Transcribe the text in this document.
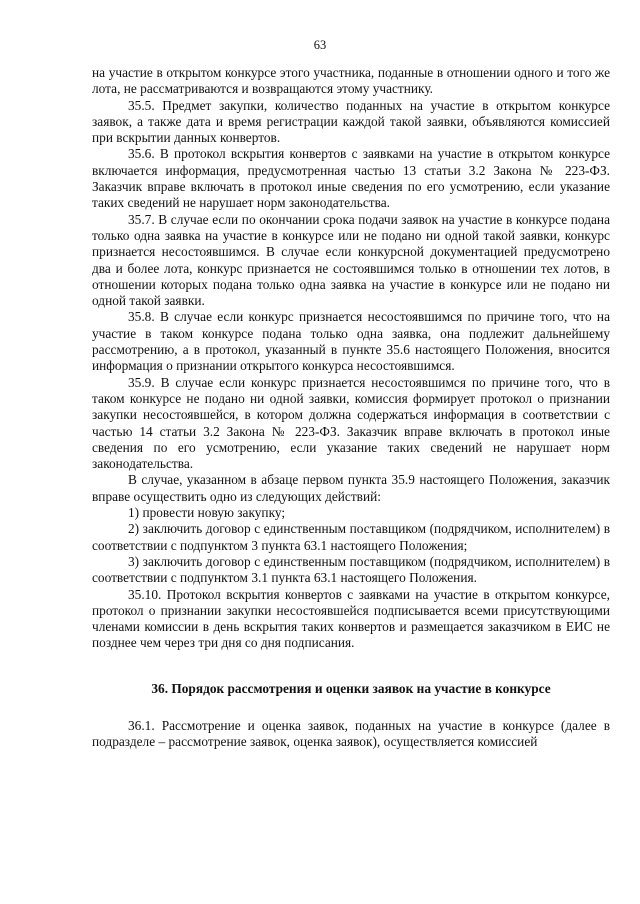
63

на участие в открытом конкурсе этого участника, поданные в отношении одного и того же лота, не рассматриваются и возвращаются этому участнику.

35.5. Предмет закупки, количество поданных на участие в открытом конкурсе заявок, а также дата и время регистрации каждой такой заявки, объявляются комиссией при вскрытии данных конвертов.

35.6. В протокол вскрытия конвертов с заявками на участие в открытом конкурсе включается информация, предусмотренная частью 13 статьи 3.2 Закона № 223-ФЗ. Заказчик вправе включать в протокол иные сведения по его усмотрению, если указание таких сведений не нарушает норм законодательства.

35.7. В случае если по окончании срока подачи заявок на участие в конкурсе подана только одна заявка на участие в конкурсе или не подано ни одной такой заявки, конкурс признается несостоявшимся. В случае если конкурсной документацией предусмотрено два и более лота, конкурс признается не состоявшимся только в отношении тех лотов, в отношении которых подана только одна заявка на участие в конкурсе или не подано ни одной такой заявки.

35.8. В случае если конкурс признается несостоявшимся по причине того, что на участие в таком конкурсе подана только одна заявка, она подлежит дальнейшему рассмотрению, а в протокол, указанный в пункте 35.6 настоящего Положения, вносится информация о признании открытого конкурса несостоявшимся.

35.9. В случае если конкурс признается несостоявшимся по причине того, что в таком конкурсе не подано ни одной заявки, комиссия формирует протокол о признании закупки несостоявшейся, в котором должна содержаться информация в соответствии с частью 14 статьи 3.2 Закона № 223-ФЗ. Заказчик вправе включать в протокол иные сведения по его усмотрению, если указание таких сведений не нарушает норм законодательства.

В случае, указанном в абзаце первом пункта 35.9 настоящего Положения, заказчик вправе осуществить одно из следующих действий:

1) провести новую закупку;

2) заключить договор с единственным поставщиком (подрядчиком, исполнителем) в соответствии с подпунктом 3 пункта 63.1 настоящего Положения;

3) заключить договор с единственным поставщиком (подрядчиком, исполнителем) в соответствии с подпунктом 3.1 пункта 63.1 настоящего Положения.

35.10. Протокол вскрытия конвертов с заявками на участие в открытом конкурсе, протокол о признании закупки несостоявшейся подписывается всеми присутствующими членами комиссии в день вскрытия таких конвертов и размещается заказчиком в ЕИС не позднее чем через три дня со дня подписания.

36. Порядок рассмотрения и оценки заявок на участие в конкурсе

36.1. Рассмотрение и оценка заявок, поданных на участие в конкурсе (далее в подразделе – рассмотрение заявок, оценка заявок), осуществляется комиссией
